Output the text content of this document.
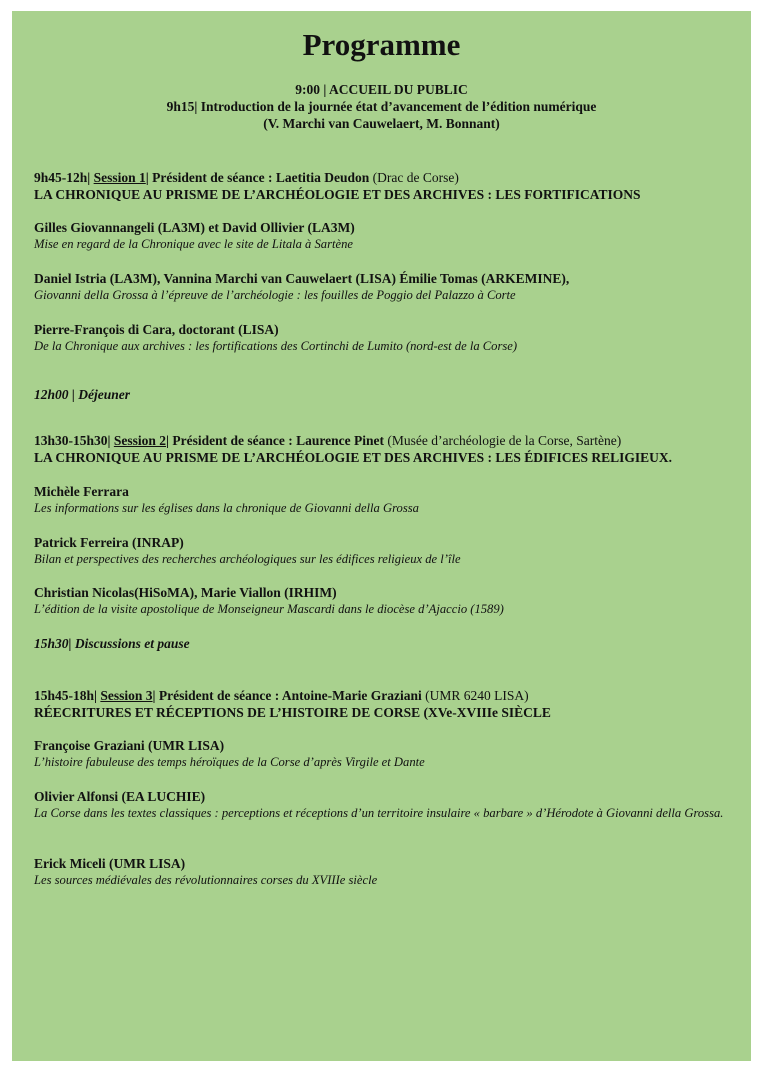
Programme
9:00 | ACCUEIL DU PUBLIC
9h15| Introduction de la journée état d’avancement de l’édition numérique
(V. Marchi van Cauwelaert, M. Bonnant)
9h45-12h| Session 1| Président de séance : Laetitia Deudon (Drac de Corse)
LA CHRONIQUE AU PRISME DE L’ARCHÉOLOGIE ET DES ARCHIVES : LES FORTIFICATIONS
Gilles Giovannangeli (LA3M) et David Ollivier (LA3M)
Mise en regard de la Chronique avec le site de Litala à Sartène
Daniel Istria (LA3M), Vannina Marchi van Cauwelaert (LISA) Émilie Tomas (ARKEMINE),
Giovanni della Grossa à l’épreuve de l’archéologie : les fouilles de Poggio del Palazzo à Corte
Pierre-François di Cara, doctorant (LISA)
De la Chronique aux archives : les fortifications des Cortinchi de Lumito (nord-est de la Corse)
12h00 | Déjeuner
13h30-15h30| Session 2| Président de séance : Laurence Pinet (Musée d’archéologie de la Corse, Sartène)
LA CHRONIQUE AU PRISME DE L’ARCHÉOLOGIE ET DES ARCHIVES : LES ÉDIFICES RELIGIEUX.
Michèle Ferrara
Les informations sur les églises dans la chronique de Giovanni della Grossa
Patrick Ferreira (INRAP)
Bilan et perspectives des recherches archéologiques sur les édifices religieux de l’île
Christian Nicolas(HiSoMA), Marie Viallon (IRHIM)
L’édition de la visite apostolique de Monseigneur Mascardi dans le diocèse d’Ajaccio (1589)
15h30| Discussions et pause
15h45-18h| Session 3| Président de séance : Antoine-Marie Graziani (UMR 6240 LISA)
RÉECRITURES ET RÉCEPTIONS DE L’HISTOIRE DE CORSE (XVe-XVIIIe SIÈCLE
Françoise Graziani (UMR LISA)
L’histoire fabuleuse des temps héroïques de la Corse d’après Virgile et Dante
Olivier Alfonsi (EA LUCHIE)
La Corse dans les textes classiques : perceptions et réceptions d’un territoire insulaire « barbare » d’Hérodote à Giovanni della Grossa.
Erick Miceli (UMR LISA)
Les sources médiévales des révolutionnaires corses du XVIIIe siècle
